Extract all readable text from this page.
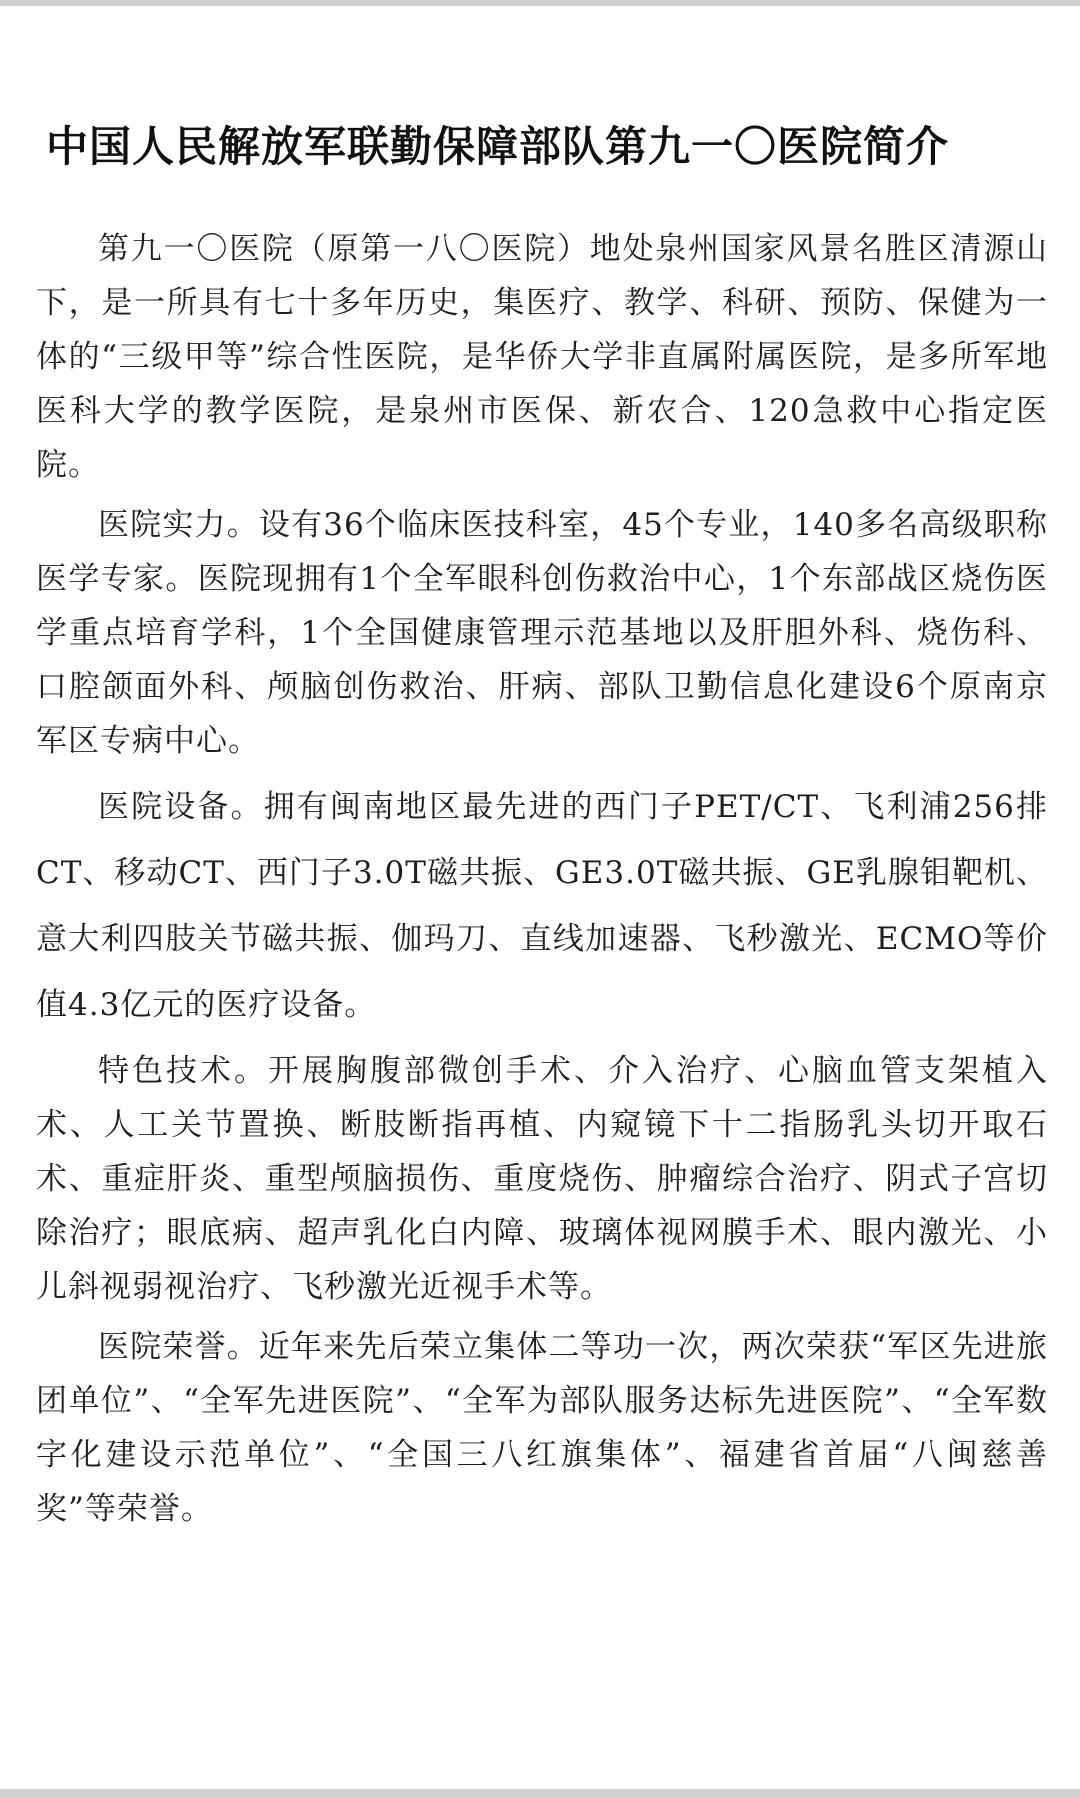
中国人民解放军联勤保障部队第九一〇医院简介

第九一〇医院（原第一八〇医院）地处泉州国家风景名胜区清源山下，是一所具有七十多年历史，集医疗、教学、科研、预防、保健为一体的“三级甲等”综合性医院，是华侨大学非直属附属医院，是多所军地医科大学的教学医院，是泉州市医保、新农合、120急救中心指定医院。

医院实力。设有36个临床医技科室，45个专业，140多名高级职称医学专家。医院现拥有1个全军眼科创伤救治中心，1个东部战区烧伤医学重点培育学科，1个全国健康管理示范基地以及肝胆外科、烧伤科、口腔颌面外科、颅脑创伤救治、肝病、部队卫勤信息化建设6个原南京军区专病中心。

医院设备。拥有闽南地区最先进的西门子PET/CT、飞利浦256排CT、移动CT、西门子3.0T磁共振、GE3.0T磁共振、GE乳腺钼靶机、意大利四肢关节磁共振、伽玛刀、直线加速器、飞秒激光、ECMO等价值4.3亿元的医疗设备。

特色技术。开展胸腹部微创手术、介入治疗、心脑血管支架植入术、人工关节置换、断肢断指再植、内窥镜下十二指肠乳头切开取石术、重症肝炎、重型颅脑损伤、重度烧伤、肿瘤综合治疗、阴式子宫切除治疗；眼底病、超声乳化白内障、玻璃体视网膜手术、眼内激光、小儿斜视弱视治疗、飞秒激光近视手术等。

医院荣誉。近年来先后荣立集体二等功一次，两次荣获“军区先进旅团单位”、“全军先进医院”、“全军为部队服务达标先进医院”、“全军数字化建设示范单位”、“全国三八红旗集体”、福建省首届“八闽慈善奖”等荣誉。
